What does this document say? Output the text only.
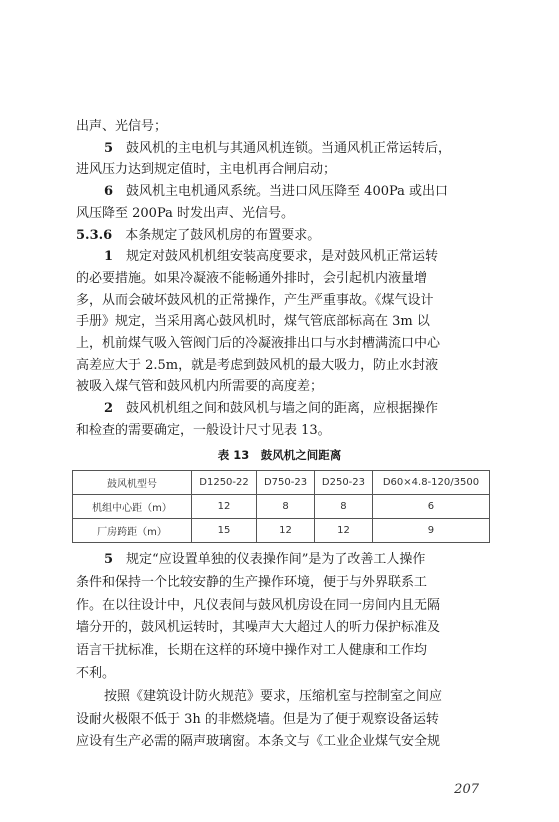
出声、光信号；
5　鼓风机的主电机与其通风机连锁。当通风机正常运转后，
进风压力达到规定值时，主电机再合闸启动；
6　鼓风机主电机通风系统。当进口风压降至 400Pa 或出口
风压降至 200Pa 时发出声、光信号。
5.3.6　本条规定了鼓风机房的布置要求。
1　规定对鼓风机机组安装高度要求，是对鼓风机正常运转
的必要措施。如果冷凝液不能畅通外排时，会引起机内液量增
多，从而会破坏鼓风机的正常操作，产生严重事故。《煤气设计
手册》规定，当采用离心鼓风机时，煤气管底部标高在 3m 以
上，机前煤气吸入管阀门后的冷凝液排出口与水封槽满流口中心
高差应大于 2.5m，就是考虑到鼓风机的最大吸力，防止水封液
被吸入煤气管和鼓风机内所需要的高度差；
2　鼓风机机组之间和鼓风机与墙之间的距离，应根据操作
和检查的需要确定，一般设计尺寸见表 13。
表 13　鼓风机之间距离
鼓风机型号	D1250-22	D750-23	D250-23	D60×4.8-120/3500
机组中心距（m）	12	8	8	6
厂房跨距（m）	15	12	12	9
5　规定“应设置单独的仪表操作间”是为了改善工人操作
条件和保持一个比较安静的生产操作环境，便于与外界联系工
作。在以往设计中，凡仪表间与鼓风机房设在同一房间内且无隔
墙分开的，鼓风机运转时，其噪声大大超过人的听力保护标准及
语言干扰标准，长期在这样的环境中操作对工人健康和工作均
不利。
按照《建筑设计防火规范》要求，压缩机室与控制室之间应
设耐火极限不低于 3h 的非燃烧墙。但是为了便于观察设备运转
应设有生产必需的隔声玻璃窗。本条文与《工业企业煤气安全规
207
